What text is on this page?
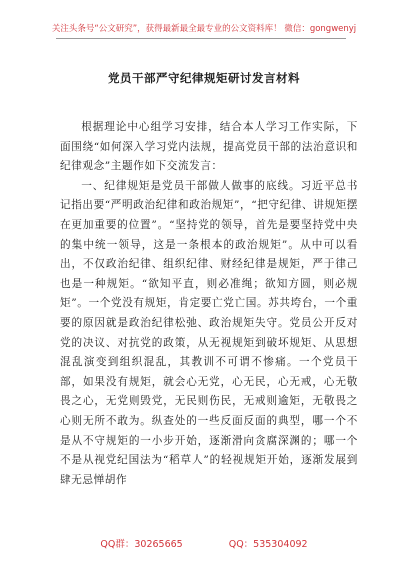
关注头条号“公文研究”，获得最新最全最专业的公文资料库！ 微信：gongwenyj
党员干部严守纪律规矩研讨发言材料

根据理论中心组学习安排，结合本人学习工作实际，下面围绕“如何深入学习党内法规，提高党员干部的法治意识和纪律观念”主题作如下交流发言：

一、纪律规矩是党员干部做人做事的底线。习近平总书记指出要“严明政治纪律和政治规矩”，“把守纪律、讲规矩摆在更加重要的位置”。“坚持党的领导，首先是要坚持党中央的集中统一领导，这是一条根本的政治规矩”。从中可以看出，不仅政治纪律、组织纪律、财经纪律是规矩，严于律己也是一种规矩。“欲知平直，则必准绳；欲知方圆，则必规矩”。一个党没有规矩，肯定要亡党亡国。苏共垮台，一个重要的原因就是政治纪律松弛、政治规矩失守。党员公开反对党的决议、对抗党的政策，从无视规矩到破坏规矩、从思想混乱演变到组织混乱，其教训不可谓不惨痛。一个党员干部，如果没有规矩，就会心无党，心无民，心无戒，心无敬畏之心，无党则毁党，无民则伤民，无戒则逾矩，无敬畏之心则无所不敢为。纵查处的一些反面反面的典型，哪一个不是从不守规矩的一小步开始，逐渐滑向贪腐深渊的；哪一个不是从视党纪国法为“稻草人”的轻视规矩开始，逐渐发展到肆无忌惮胡作

QQ群：30265665	QQ：535304092
